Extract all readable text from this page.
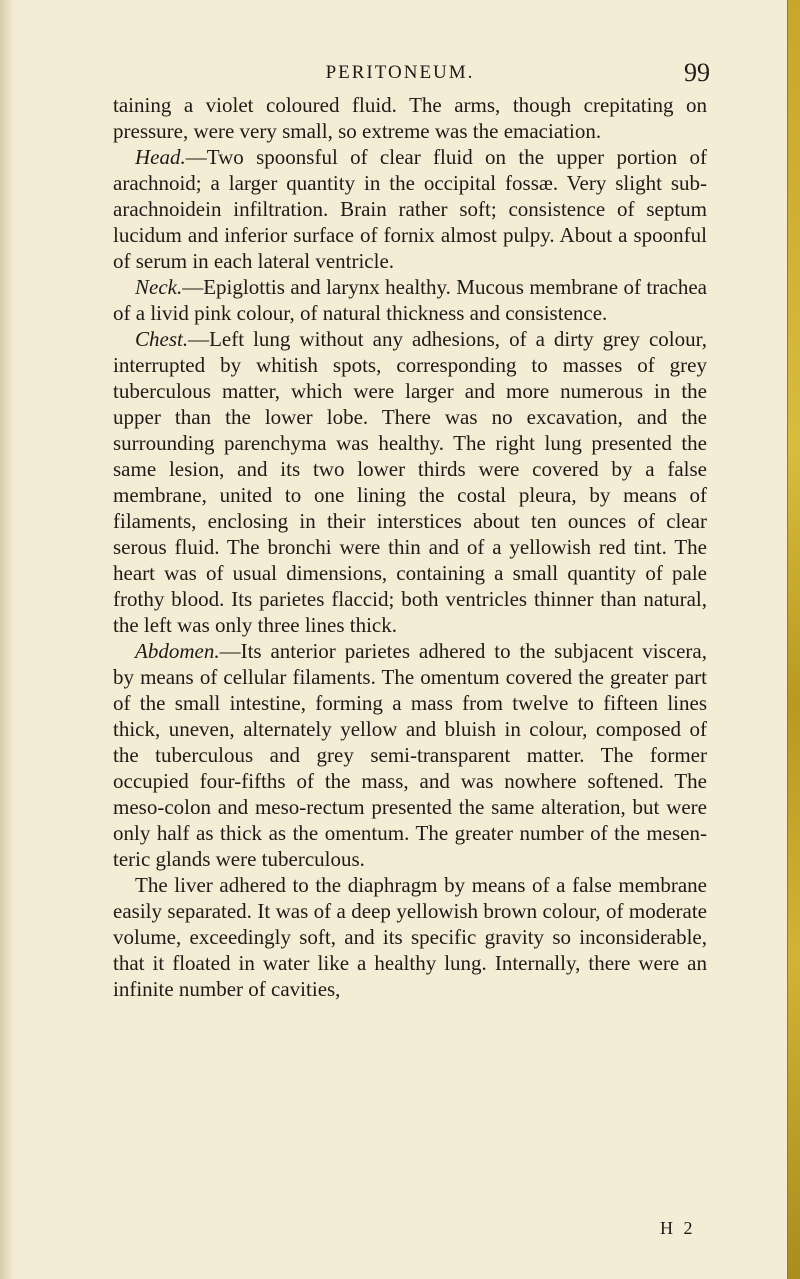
PERITONEUM.	99

taining a violet coloured fluid. The arms, though crepitating on pressure, were very small, so extreme was the emaciation.

Head.—Two spoonsful of clear fluid on the upper portion of arachnoid; a larger quantity in the occipital fossæ. Very slight sub-arachnoidein infiltration. Brain rather soft; consistence of septum lucidum and inferior surface of fornix almost pulpy. About a spoonful of serum in each lateral ventricle.

Neck.—Epiglottis and larynx healthy. Mucous membrane of trachea of a livid pink colour, of natural thickness and consistence.

Chest.—Left lung without any adhesions, of a dirty grey colour, interrupted by whitish spots, corresponding to masses of grey tuberculous matter, which were larger and more numerous in the upper than the lower lobe. There was no excavation, and the surrounding parenchyma was healthy. The right lung presented the same lesion, and its two lower thirds were covered by a false membrane, united to one lining the costal pleura, by means of filaments, enclosing in their interstices about ten ounces of clear serous fluid. The bronchi were thin and of a yellowish red tint. The heart was of usual dimensions, containing a small quantity of pale frothy blood. Its parietes flaccid; both ventricles thinner than natural, the left was only three lines thick.

Abdomen.—Its anterior parietes adhered to the subjacent viscera, by means of cellular filaments. The omentum covered the greater part of the small intestine, forming a mass from twelve to fifteen lines thick, uneven, alternately yellow and bluish in colour, composed of the tuberculous and grey semi-transparent matter. The former occupied four-fifths of the mass, and was nowhere softened. The meso-colon and meso-rectum presented the same alteration, but were only half as thick as the omentum. The greater number of the mesenteric glands were tuberculous.

The liver adhered to the diaphragm by means of a false membrane easily separated. It was of a deep yellowish brown colour, of moderate volume, exceedingly soft, and its specific gravity so inconsiderable, that it floated in water like a healthy lung. Internally, there were an infinite number of cavities,

H 2
